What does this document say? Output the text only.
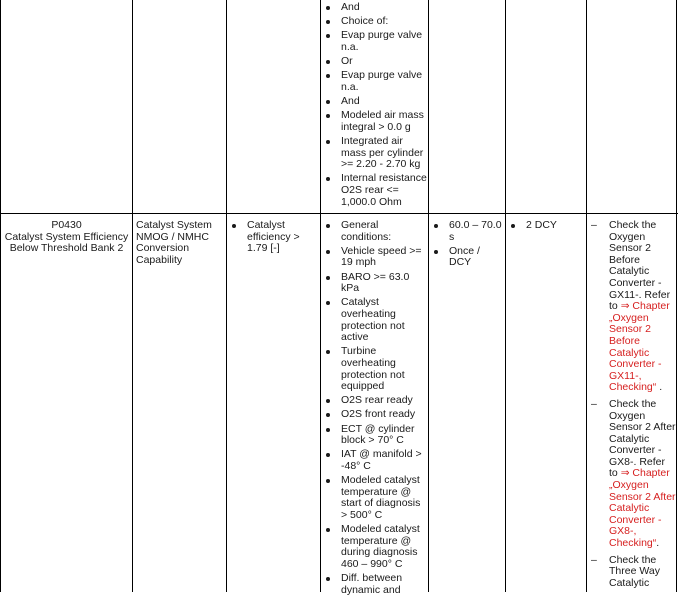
And
Choice of:
Evap purge valve n.a.
Or
Evap purge valve n.a.
And
Modeled air mass integral > 0.0 g
Integrated air mass per cylinder >= 2.20 - 2.70 kg
Internal resistance O2S rear <= 1,000.0 Ohm
P0430
Catalyst System Efficiency Below Threshold Bank 2
Catalyst System NMOG / NMHC Conversion Capability
Catalyst efficiency > 1.79 [-]
General conditions:
Vehicle speed >= 19 mph
BARO >= 63.0 kPa
Catalyst overheating protection not active
Turbine overheating protection not equipped
O2S rear ready
O2S front ready
ECT @ cylinder block > 70° C
IAT @ manifold > -48° C
Modeled catalyst temperature @ start of diagnosis > 500° C
Modeled catalyst temperature @ during diagnosis 460 – 990° C
Diff. between dynamic and
60.0 – 70.0 s
Once / DCY
2 DCY
–	Check the Oxygen Sensor 2 Before Catalytic Converter - GX11-. Refer to ⇒ Chapter „Oxygen Sensor 2 Before Catalytic Converter - GX11-, Checking“ .
– Check the Oxygen Sensor 2 After Catalytic Converter - GX8-. Refer to ⇒ Chapter „Oxygen Sensor 2 After Catalytic Converter - GX8-, Checking“.
– Check the Three Way Catalytic
